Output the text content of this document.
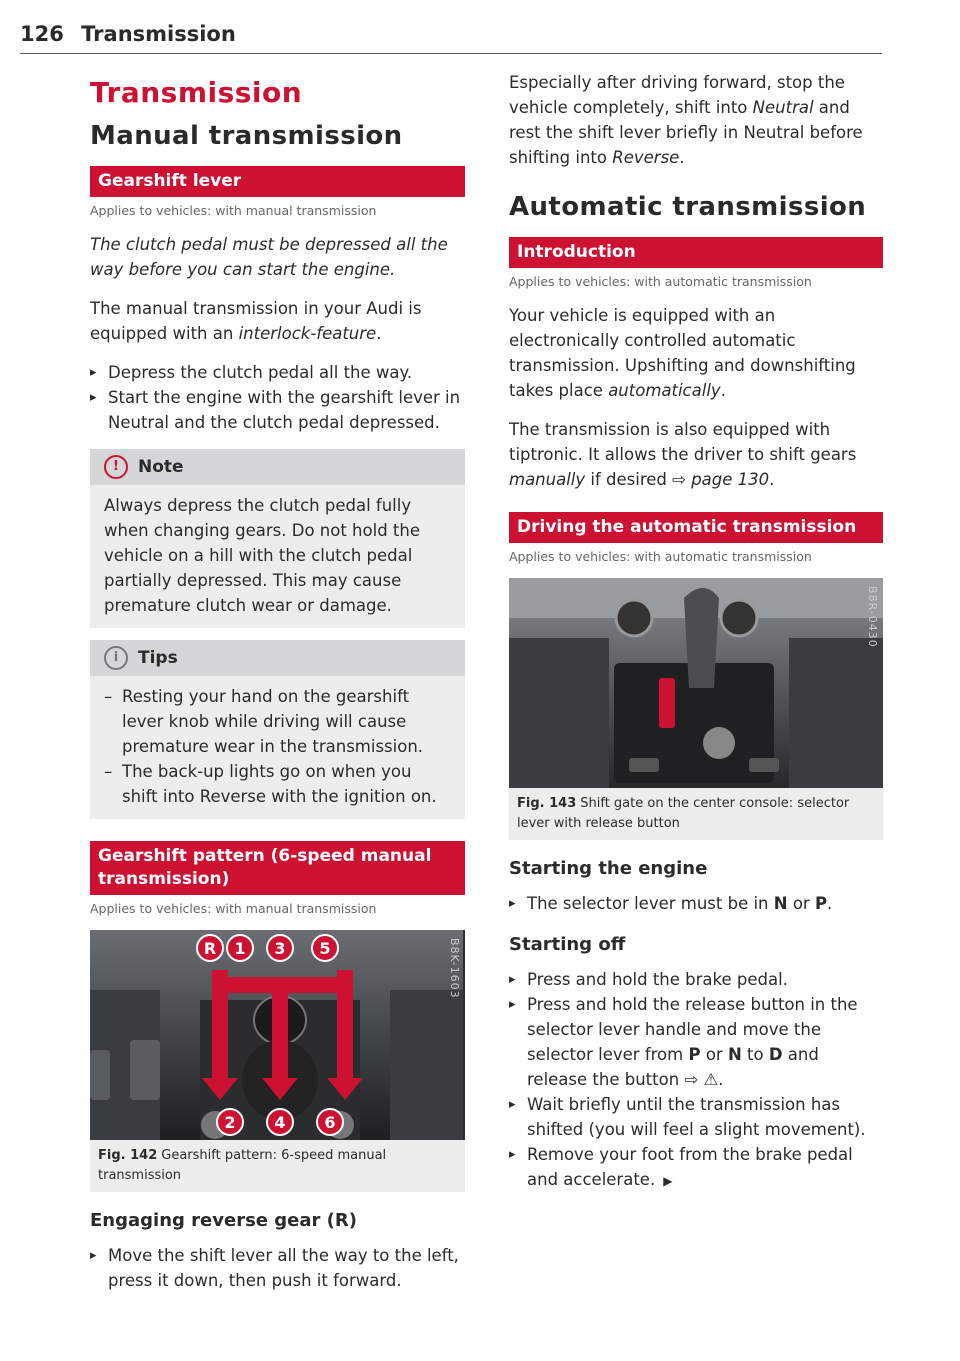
126 Transmission
Transmission
Manual transmission
Gearshift lever
Applies to vehicles: with manual transmission

The clutch pedal must be depressed all the way before you can start the engine.

The manual transmission in your Audi is equipped with an interlock-feature.

▸ Depress the clutch pedal all the way.
▸ Start the engine with the gearshift lever in Neutral and the clutch pedal depressed.
!	Note
Always depress the clutch pedal fully when changing gears. Do not hold the vehicle on a hill with the clutch pedal partially depressed. This may cause premature clutch wear or damage.
i	Tips
– Resting your hand on the gearshift lever knob while driving will cause premature wear in the transmission.
– The back-up lights go on when you shift into Reverse with the ignition on.
Gearshift pattern (6-speed manual transmission)
Applies to vehicles: with manual transmission
R 1 3 5
2 4 6
B8K-1603
Fig. 142 Gearshift pattern: 6-speed manual transmission
Engaging reverse gear (R)
▸ Move the shift lever all the way to the left, press it down, then push it forward.

Especially after driving forward, stop the vehicle completely, shift into Neutral and rest the shift lever briefly in Neutral before shifting into Reverse.

Automatic transmission
Introduction
Applies to vehicles: with automatic transmission

Your vehicle is equipped with an electronically controlled automatic transmission. Upshifting and downshifting takes place automatically.

The transmission is also equipped with tiptronic. It allows the driver to shift gears manually if desired ⇨ page 130.

Driving the automatic transmission
Applies to vehicles: with automatic transmission
B8R-0430
Fig. 143 Shift gate on the center console: selector lever with release button
Starting the engine
▸ The selector lever must be in N or P.
Starting off
▸ Press and hold the brake pedal.
▸ Press and hold the release button in the selector lever handle and move the selector lever from P or N to D and release the button ⇨ ⚠.
▸ Wait briefly until the transmission has shifted (you will feel a slight movement).
▸ Remove your foot from the brake pedal and accelerate. ▶
